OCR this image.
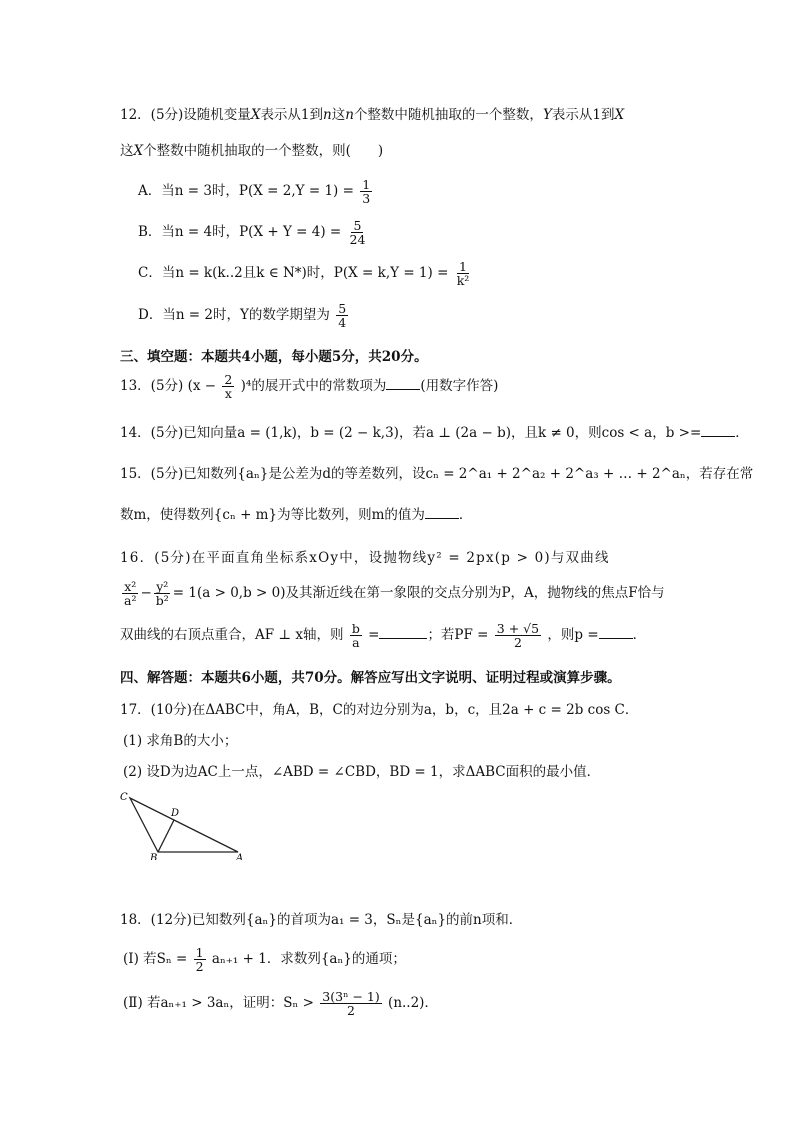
12．(5分)设随机变量X表示从1到n这n个整数中随机抽取的一个整数，Y表示从1到X
这X个整数中随机抽取的一个整数，则(　　)
A．当n = 3时，$P(X = 2,Y = 1) = \frac{1}{3}$
B．当n = 4时，$P(X + Y = 4) = \frac{5}{24}$
C．当n = k(k..2且k ∈ N*)时，$P(X = k,Y = 1) = \frac{1}{\text{k²}}$
D．当n = 2时，Y的数学期望为 $\frac{5}{4}$
三、填空题：本题共4小题，每小题5分，共20分。
13．(5分) $(x - \frac{2}{x} )^4$的展开式中的常数项为	(用数字作答)
14．(5分)已知向量a = (1,k)，b = (2 − k,3)，若a ⊥ (2a − b)，且k ≠ 0，则cos < a，b >=	．
15．(5分)已知数列{aₙ}是公差为d的等差数列，设cₙ = 2^a₁ + 2^a₂ + 2^a₃ + … + 2^aₙ，若存在常
数m，使得数列{cₙ + m}为等比数列，则m的值为	．
16．(5分)在平面直角坐标系xOy中，设抛物线y² = 2px(p > 0)与双曲线
$\frac{\text{x²}}{\text{a²}} - \frac{\text{y²}}{\text{b²}} = 1(a > 0,b > 0)$及其渐近线在第一象限的交点分别为P，A，抛物线的焦点F恰与
双曲线的右顶点重合，AF ⊥ x轴，则 $\frac{b}{a}$ =	；若PF = $\frac{3 + √5}{2}$ ，则p =	．
四、解答题：本题共6小题，共70分。解答应写出文字说明、证明过程或演算步骤。
17．(10分)在ΔABC中，角A，B，C的对边分别为a，b，c，且2a + c = 2b cos C．
(1) 求角B的大小；
(2) 设D为边AC上一点，∠ABD = ∠CBD，BD = 1，求ΔABC面积的最小值．
C
D
B	A
18．(12分)已知数列{aₙ}的首项为a₁ = 3，Sₙ是{aₙ}的前n项和．
(Ⅰ) 若$S_n = \frac{1}{2} a_{n+1} + 1$．求数列{aₙ}的通项；
(Ⅱ) 若aₙ₊₁ > 3aₙ，证明：$S_n > \frac{\text{3(3ⁿ − 1)}}{2} (n..2)$．
